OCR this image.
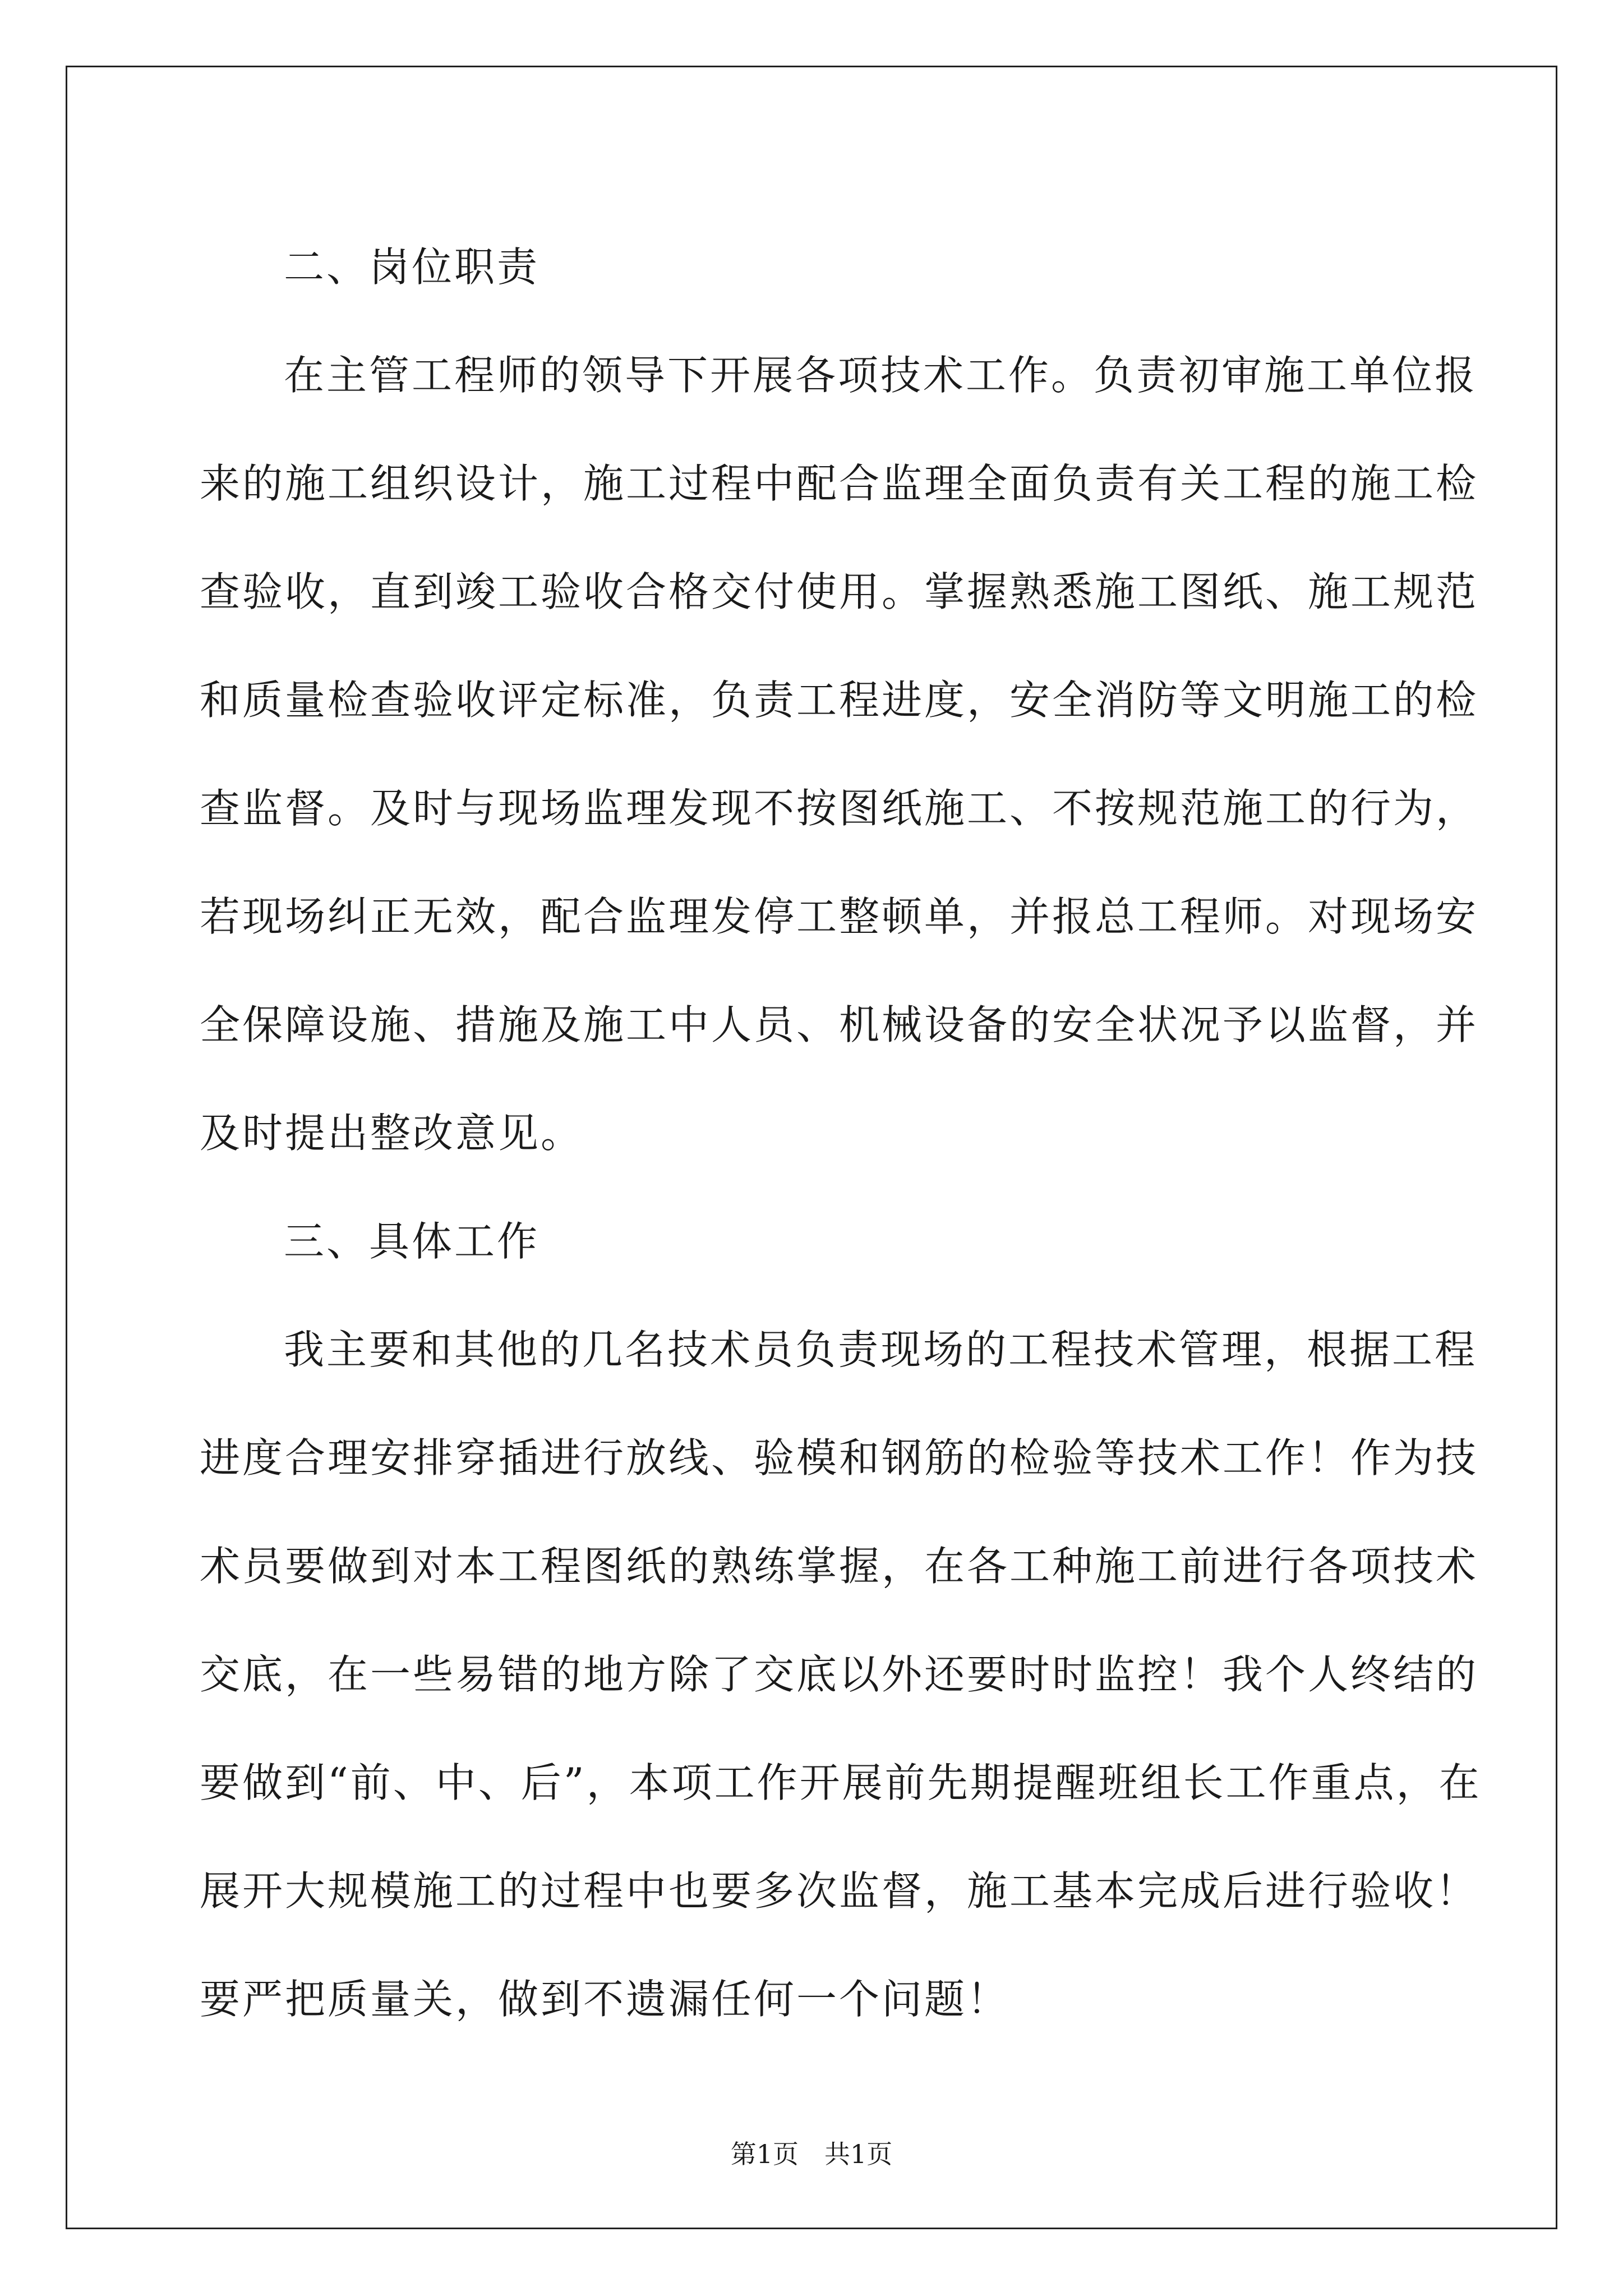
二、岗位职责
在主管工程师的领导下开展各项技术工作。负责初审施工单位报
来的施工组织设计，施工过程中配合监理全面负责有关工程的施工检
查验收，直到竣工验收合格交付使用。掌握熟悉施工图纸、施工规范
和质量检查验收评定标准，负责工程进度，安全消防等文明施工的检
查监督。及时与现场监理发现不按图纸施工、不按规范施工的行为，
若现场纠正无效，配合监理发停工整顿单，并报总工程师。对现场安
全保障设施、措施及施工中人员、机械设备的安全状况予以监督，并
及时提出整改意见。
三、具体工作
我主要和其他的几名技术员负责现场的工程技术管理，根据工程
进度合理安排穿插进行放线、验模和钢筋的检验等技术工作！作为技
术员要做到对本工程图纸的熟练掌握，在各工种施工前进行各项技术
交底，在一些易错的地方除了交底以外还要时时监控！我个人终结的
要做到“前、中、后”，本项工作开展前先期提醒班组长工作重点，在
展开大规模施工的过程中也要多次监督，施工基本完成后进行验收！
要严把质量关，做到不遗漏任何一个问题！
第1页　共1页
